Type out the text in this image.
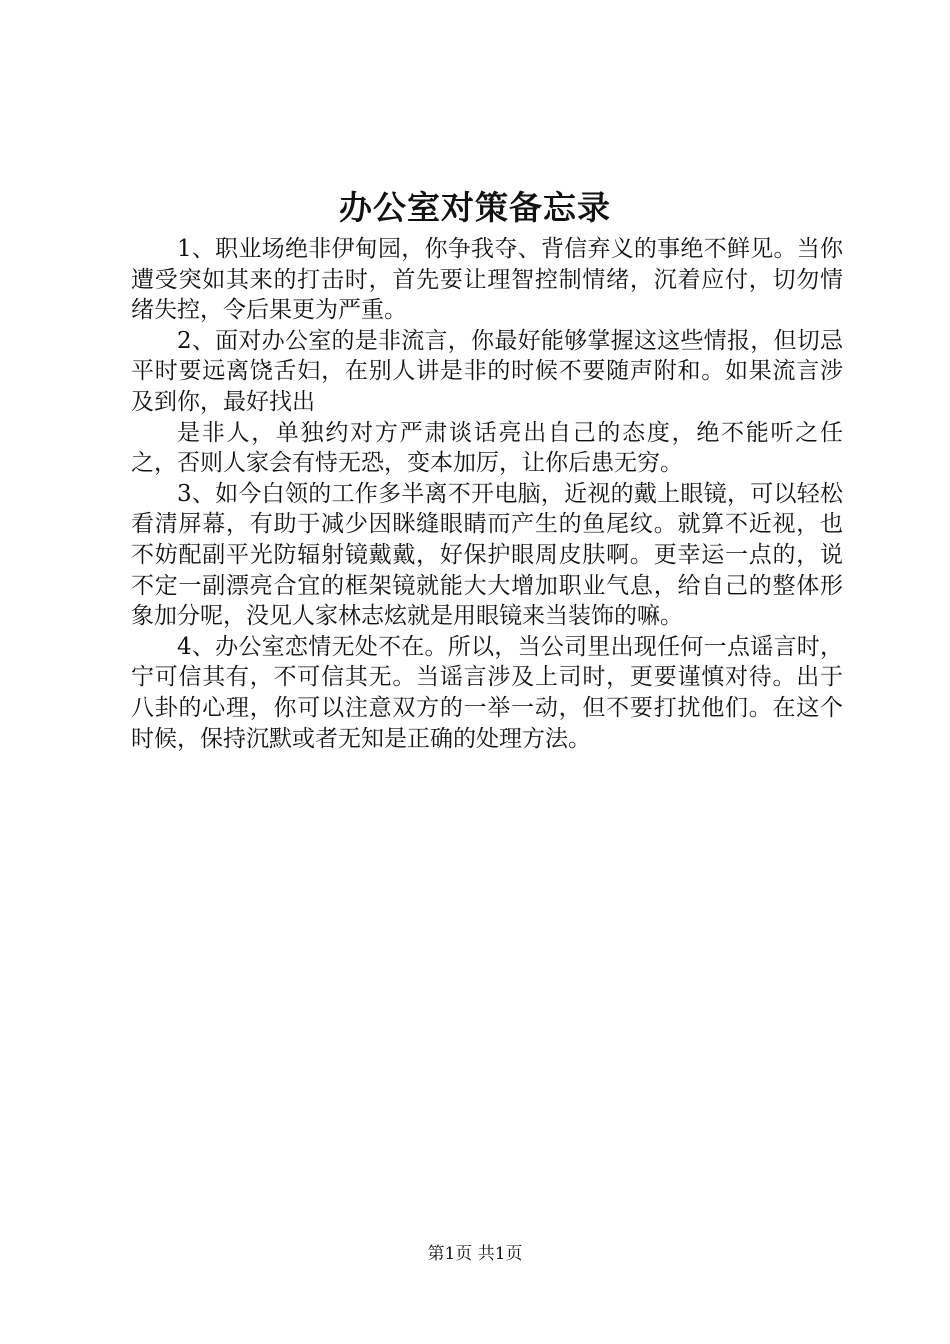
办公室对策备忘录

1、职业场绝非伊甸园，你争我夺、背信弃义的事绝不鲜见。当你遭受突如其来的打击时，首先要让理智控制情绪，沉着应付，切勿情绪失控，令后果更为严重。

2、面对办公室的是非流言，你最好能够掌握这这些情报，但切忌平时要远离饶舌妇，在别人讲是非的时候不要随声附和。如果流言涉及到你，最好找出

是非人，单独约对方严肃谈话亮出自己的态度，绝不能听之任之，否则人家会有恃无恐，变本加厉，让你后患无穷。

3、如今白领的工作多半离不开电脑，近视的戴上眼镜，可以轻松看清屏幕，有助于减少因眯缝眼睛而产生的鱼尾纹。就算不近视，也不妨配副平光防辐射镜戴戴，好保护眼周皮肤啊。更幸运一点的，说不定一副漂亮合宜的框架镜就能大大增加职业气息，给自己的整体形象加分呢，没见人家林志炫就是用眼镜来当装饰的嘛。

4、办公室恋情无处不在。所以，当公司里出现任何一点谣言时，宁可信其有，不可信其无。当谣言涉及上司时，更要谨慎对待。出于八卦的心理，你可以注意双方的一举一动，但不要打扰他们。在这个时候，保持沉默或者无知是正确的处理方法。

第1页 共1页
